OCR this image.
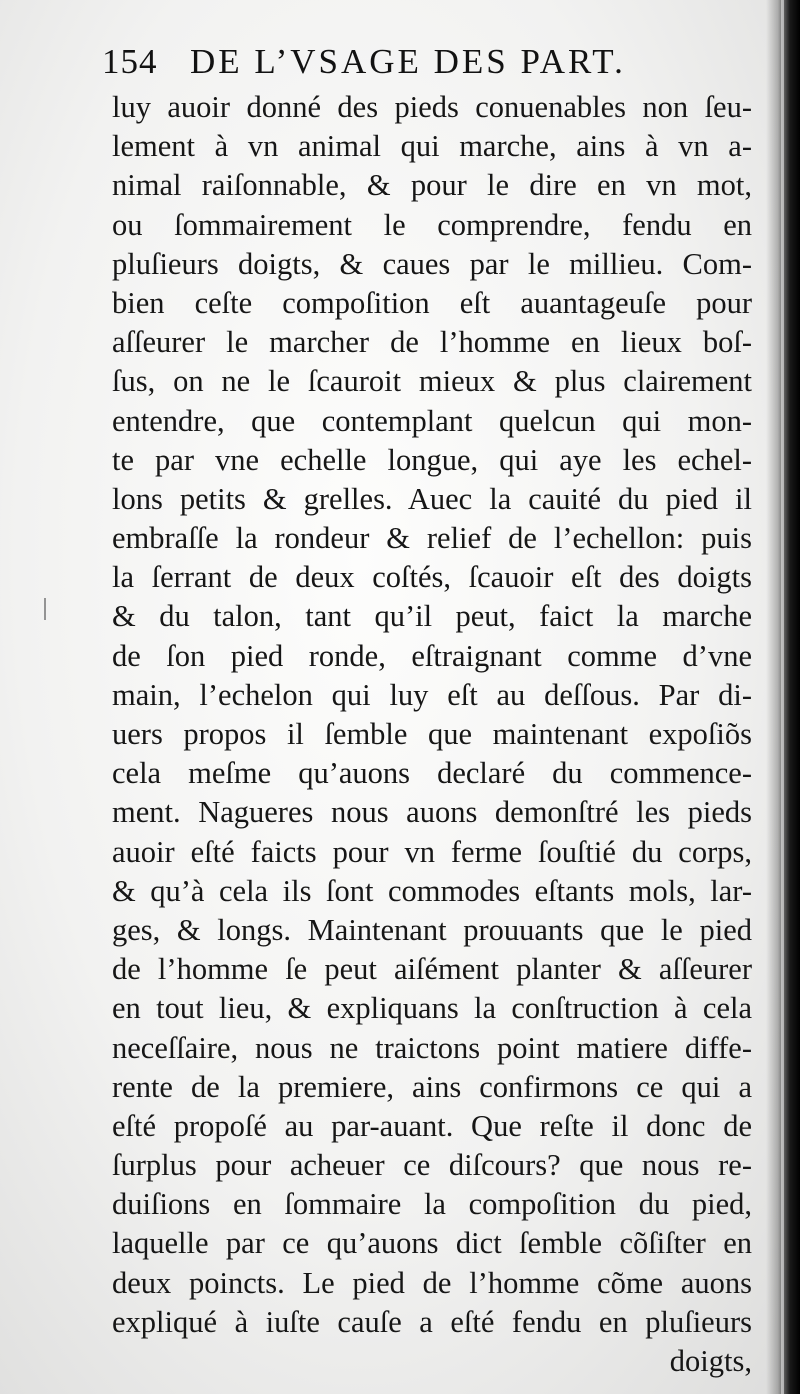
154 DE L’VSAGE DES PART.
luy auoir donné des pieds conuenables non ſeu-
lement à vn animal qui marche, ains à vn a-
nimal raiſonnable, & pour le dire en vn mot,
ou ſommairement le comprendre, fendu en
pluſieurs doigts, & caues par le millieu. Com-
bien ceſte compoſition eſt auantageuſe pour
aſſeurer le marcher de l’homme en lieux boſ-
ſus, on ne le ſcauroit mieux & plus clairement
entendre, que contemplant quelcun qui mon-
te par vne echelle longue, qui aye les echel-
lons petits & grelles. Auec la cauité du pied il
embraſſe la rondeur & relief de l’echellon: puis
la ſerrant de deux coſtés, ſcauoir eſt des doigts
& du talon, tant qu’il peut, faict la marche
de ſon pied ronde, eſtraignant comme d’vne
main, l’echelon qui luy eſt au deſſous. Par di-
uers propos il ſemble que maintenant expoſiõs
cela meſme qu’auons declaré du commence-
ment. Nagueres nous auons demonſtré les pieds
auoir eſté faicts pour vn ferme ſouſtié du corps,
& qu’à cela ils ſont commodes eſtants mols, lar-
ges, & longs. Maintenant prouuants que le pied
de l’homme ſe peut aiſément planter & aſſeurer
en tout lieu, & expliquans la conſtruction à cela
neceſſaire, nous ne traictons point matiere diffe-
rente de la premiere, ains confirmons ce qui a
eſté propoſé au par-auant. Que reſte il donc de
ſurplus pour acheuer ce diſcours? que nous re-
duiſions en ſommaire la compoſition du pied,
laquelle par ce qu’auons dict ſemble cõſiſter en
deux poincts. Le pied de l’homme cõme auons
expliqué à iuſte cauſe a eſté fendu en pluſieurs
doigts,
